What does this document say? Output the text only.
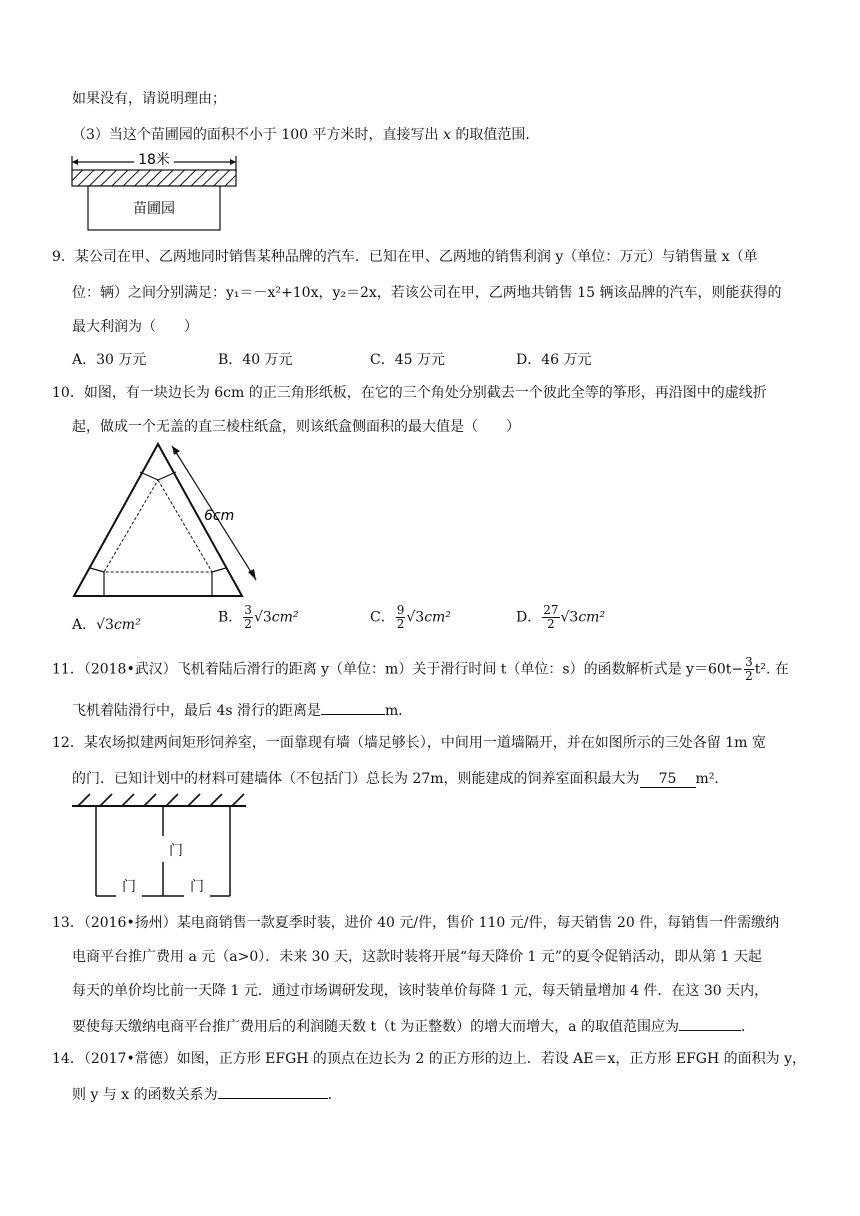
如果没有，请说明理由；
（3）当这个苗圃园的面积不小于 100 平方米时，直接写出 x 的取值范围．
18米
苗圃园
9．某公司在甲、乙两地同时销售某种品牌的汽车．已知在甲、乙两地的销售利润 y（单位：万元）与销售量 x（单
位：辆）之间分别满足：y₁＝－x²+10x，y₂＝2x，若该公司在甲，乙两地共销售 15 辆该品牌的汽车，则能获得的
最大利润为（　　）
A．30 万元	B．40 万元	C．45 万元	D．46 万元
10．如图，有一块边长为 6cm 的正三角形纸板，在它的三个角处分别截去一个彼此全等的筝形，再沿图中的虚线折
起，做成一个无盖的直三棱柱纸盒，则该纸盒侧面积的最大值是（　　）
6cm
A．√3cm²	B． $\frac{3}{2} √3cm^2$	C． $\frac{9}{2} √3cm^2$	D． $\frac{27}{2} √3cm^2$
11．（2018•武汉）飞机着陆后滑行的距离 y（单位：m）关于滑行时间 t（单位：s）的函数解析式是 $y=60t- \frac{3}{2} t^2$. 在
飞机着陆滑行中，最后 4s 滑行的距离是	m．
12．某农场拟建两间矩形饲养室，一面靠现有墙（墙足够长），中间用一道墙隔开，并在如图所示的三处各留 1m 宽
的门．已知计划中的材料可建墙体（不包括门）总长为 27m，则能建成的饲养室面积最大为 75 m².
门
门	门
13．（2016•扬州）某电商销售一款夏季时装，进价 40 元/件，售价 110 元/件，每天销售 20 件，每销售一件需缴纳
电商平台推广费用 a 元（a>0）．未来 30 天，这款时装将开展“每天降价 1 元”的夏令促销活动，即从第 1 天起
每天的单价均比前一天降 1 元．通过市场调研发现，该时装单价每降 1 元，每天销量增加 4 件．在这 30 天内，
要使每天缴纳电商平台推广费用后的利润随天数 t（t 为正整数）的增大而增大，a 的取值范围应为	．
14．（2017•常德）如图，正方形 EFGH 的顶点在边长为 2 的正方形的边上．若设 AE＝x，正方形 EFGH 的面积为 y，
则 y 与 x 的函数关系为	．
